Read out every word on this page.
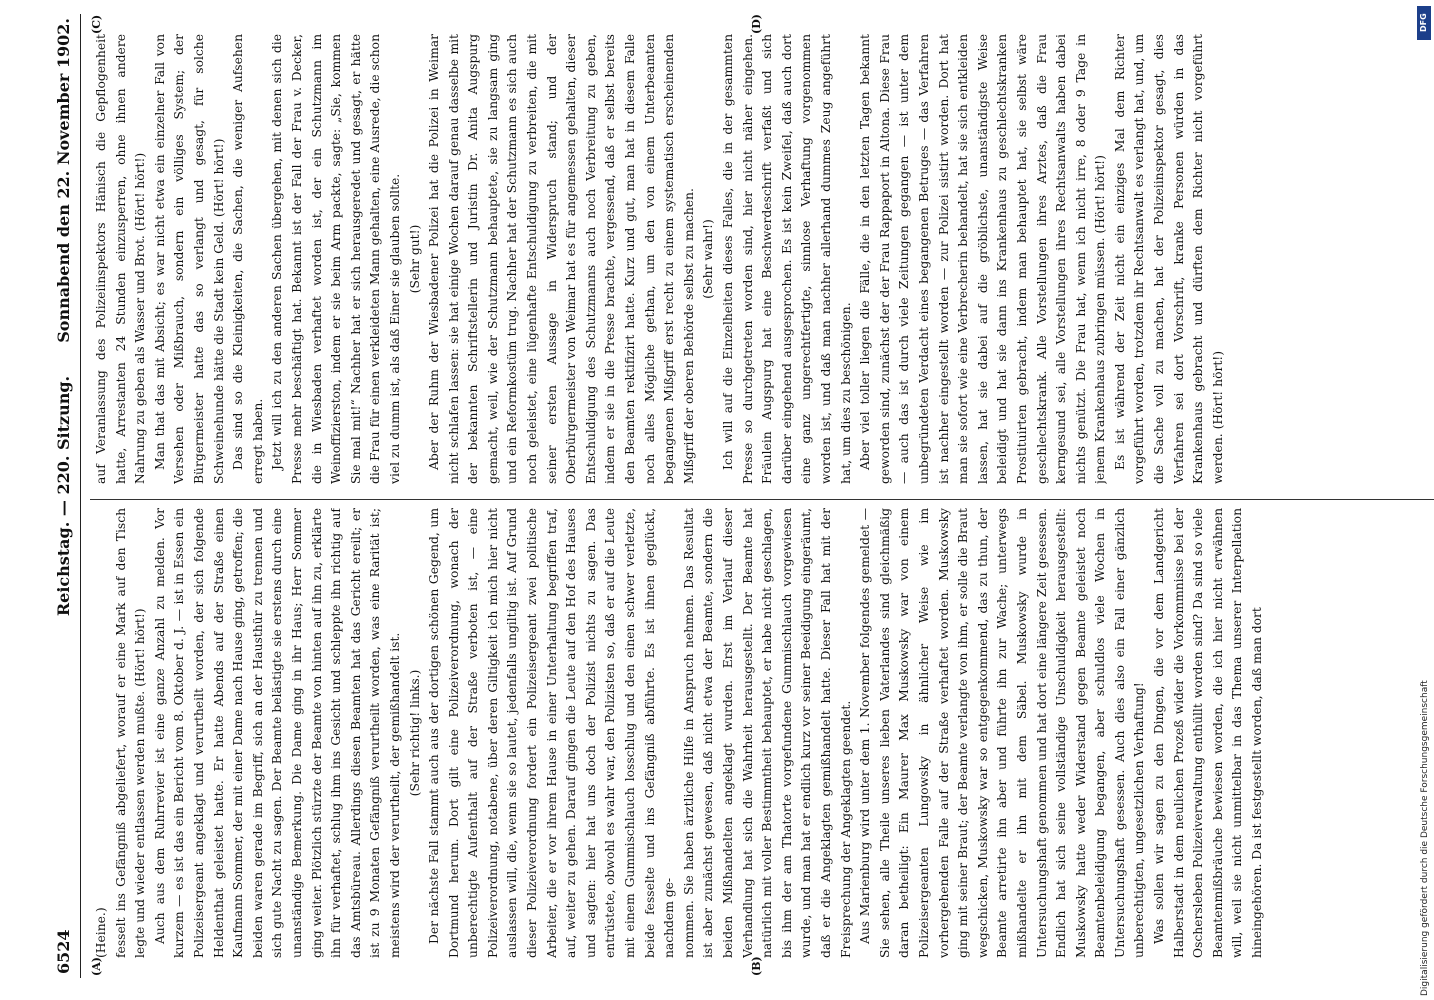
6524
Reichstag. — 220. Sitzung.
Sonnabend den 22. November 1902.
(A)	(B)
(C)	(D)

(Heine.) fesselt ins Gefängniß abgeliefert, worauf er eine Mark auf den Tisch legte und wieder entlassen werden mußte. (Hört! hört!) Auch aus dem Ruhrrevier ist eine ganze Anzahl zu melden. Vor kurzem — es ist das ein Bericht vom 8. Oktober d. J. — ist in Essen ein Polizeisergeant angeklagt und verurtheilt worden, der sich folgende Heldenthat geleistet hatte. Er hatte Abends auf der Straße einen Kaufmann Sommer, der mit einer Dame nach Hause ging, getroffen; die beiden waren gerade im Begriff, sich an der Hausthür zu trennen und sich gute Nacht zu sagen. Der Beamte belästigte sie erstens durch eine unanständige Bemerkung. Die Dame ging in ihr Haus; Herr Sommer ging weiter. Plötzlich stürzte der Beamte von hinten auf ihn zu, erklärte ihn für verhaftet, schlug ihm ins Gesicht und schleppte ihn richtig auf das Amtsbüreau. Allerdings diesen Beamten hat das Gericht ereilt; er ist zu 9 Monaten Gefängniß verurtheilt worden, was eine Rarität ist; meistens wird der verurtheilt, der gemißhandelt ist. (Sehr richtig! links.) Der nächste Fall stammt auch aus der dortigen schönen Gegend, um Dortmund herum. Dort gilt eine Polizeiverordnung, wonach der unberechtigte Aufenthalt auf der Straße verboten ist, — eine Polizeiverordnung, notabene, über deren Giltigkeit ich mich hier nicht auslassen will, die, wenn sie so lautet, jedenfalls ungiltig ist. Auf Grund dieser Polizeiverordnung fordert ein Polizeisergeant zwei politische Arbeiter, die er vor ihrem Hause in einer Unterhaltung begriffen traf, auf, weiter zu gehen. Darauf gingen die Leute auf den Hof des Hauses und sagten: hier hat uns doch der Polizist nichts zu sagen. Das entrüstete, obwohl es wahr war, den Polizisten so, daß er auf die Leute mit einem Gummischlauch losschlug und den einen schwer verletzte, beide fesselte und ins Gefängniß abführte. Es ist ihnen geglückt, nachdem ge- nommen. Sie haben ärztliche Hilfe in Anspruch nehmen. Das Resultat ist aber zunächst gewesen, daß nicht etwa der Beamte, sondern die beiden Mißhandelten angeklagt wurden. Erst im Verlauf dieser Verhandlung hat sich die Wahrheit herausgestellt. Der Beamte hat natürlich mit voller Bestimmtheit behauptet, er habe nicht geschlagen, bis ihm der am Thatorte vorgefundene Gummischlauch vorgewiesen wurde, und man hat er endlich kurz vor seiner Beeidigung eingeräumt, daß er die Angeklagten gemißhandelt hatte. Dieser Fall hat mit der Freisprechung der Angeklagten geendet. Aus Marienburg wird unter dem 1. November folgendes gemeldet — Sie sehen, alle Theile unseres lieben Vaterlandes sind gleichmäßig daran betheiligt: Ein Maurer Max Muskowsky war von einem Polizeisergeanten Lungowsky in ähnlicher Weise wie im vorhergehenden Falle auf der Straße verhaftet worden. Muskowsky ging mit seiner Braut; der Beamte verlangte von ihm, er solle die Braut wegschicken, Muskowsky war so entgegenkommend, das zu thun, der Beamte arretirte ihn aber und führte ihn zur Wache; unterwegs mißhandelte er ihn mit dem Säbel. Muskowsky wurde in Untersuchungshaft genommen und hat dort eine längere Zeit gesessen. Endlich hat sich seine vollständige Unschuldigkeit herausgestellt: Muskowsky hatte weder Widerstand gegen Beamte geleistet noch Beamtenbeleidigung begangen, aber schuldlos viele Wochen in Untersuchungshaft gesessen. Auch dies also ein Fall einer gänzlich unberechtigten, ungesetzlichen Verhaftung! Was sollen wir sagen zu den Dingen, die vor dem Landgericht Halberstadt in dem neulichen Prozeß wider die Vorkommnisse bei der Oschersleben Polizeiverwaltung enthüllt worden sind? Da sind so viele Beamtenmißbräuche bewiesen worden, die ich hier nicht erwähnen will, weil sie nicht unmittelbar in das Thema unserer Interpellation hineingehören. Da ist festgestellt worden, daß man dort

auf Veranlassung des Polizeiinspektors Hänisch die Gepflogenheit hatte, Arrestanten 24 Stunden einzusperren, ohne ihnen andere Nahrung zu geben als Wasser und Brot. (Hört! hört!) Man that das mit Absicht; es war nicht etwa ein einzelner Fall von Versehen oder Mißbrauch, sondern ein völliges System; der Bürgermeister hatte das so verlangt und gesagt, für solche Schweinehunde hätte die Stadt kein Geld. (Hört! hört!) Das sind so die Kleinigkeiten, die Sachen, die weniger Aufsehen erregt haben. Jetzt will ich zu den anderen Sachen übergehen, mit denen sich die Presse mehr beschäftigt hat. Bekannt ist der Fall der Frau v. Decker, die in Wiesbaden verhaftet worden ist, der ein Schutzmann im Weinoffizierston, indem er sie beim Arm packte, sagte: „Sie, kommen Sie mal mit!“ Nachher hat er sich herausgeredet und gesagt, er hätte die Frau für einen verkleideten Mann gehalten, eine Ausrede, die schon viel zu dumm ist, als daß Einer sie glauben sollte. (Sehr gut!) Aber der Ruhm der Wiesbadener Polizei hat die Polizei in Weimar nicht schlafen lassen: sie hat einige Wochen darauf genau dasselbe mit der bekannten Schriftstellerin und Juristin Dr. Anita Augspurg gemacht, weil, wie der Schutzmann behauptete, sie zu langsam ging und ein Reformkostüm trug. Nachher hat der Schutzmann es sich auch noch geleistet, eine lügenhafte Entschuldigung zu verbreiten, die mit seiner ersten Aussage in Widerspruch stand; und der Oberbürgermeister von Weimar hat es für angemessen gehalten, dieser Entschuldigung des Schutzmanns auch noch Verbreitung zu geben, indem er sie in die Presse brachte, vergessend, daß er selbst bereits den Beamten rektifizirt hatte. Kurz und gut, man hat in diesem Falle noch alles Mögliche gethan, um den von einem Unterbeamten begangenen Mißgriff erst recht zu einem systematisch erscheinenden Mißgriff der oberen Behörde selbst zu machen. (Sehr wahr!) Ich will auf die Einzelheiten dieses Falles, die in der gesammten Presse so durchgetreten worden sind, hier nicht näher eingehen. Fräulein Augspurg hat eine Beschwerdeschrift verfaßt und sich darüber eingehend ausgesprochen. Es ist kein Zweifel, daß auch dort eine ganz ungerechtfertigte, sinnlose Verhaftung vorgenommen worden ist, und daß man nachher allerhand dummes Zeug angeführt hat, um dies zu beschönigen. Aber viel toller liegen die Fälle, die in den letzten Tagen bekannt geworden sind, zunächst der der Frau Rappaport in Altona. Diese Frau — auch das ist durch viele Zeitungen gegangen — ist unter dem unbegründeten Verdacht eines begangenen Betruges — das Verfahren ist nachher eingestellt worden — zur Polizei sistirt worden. Dort hat man sie sofort wie eine Verbrecherin behandelt, hat sie sich entkleiden lassen, hat sie dabei auf die gröblichste, unanständigste Weise beleidigt und hat sie dann ins Krankenhaus zu geschlechtskranken Prostituirten gebracht, indem man behauptet hat, sie selbst wäre geschlechtskrank. Alle Vorstellungen ihres Arztes, daß die Frau kerngesund sei, alle Vorstellungen ihres Rechtsanwalts haben dabei nichts genützt. Die Frau hat, wenn ich nicht irre, 8 oder 9 Tage in jenem Krankenhaus zubringen müssen. (Hört! hört!) Es ist während der Zeit nicht ein einziges Mal dem Richter vorgeführt worden, trotzdem ihr Rechtsanwalt es verlangt hat, und, um die Sache voll zu machen, hat der Polizeiinspektor gesagt, dies Verfahren sei dort Vorschrift, kranke Personen würden in das Krankenhaus gebracht und dürften dem Richter nicht vorgeführt werden. (Hört! hört!)

DFG
Digitalisierung gefördert durch die Deutsche Forschungsgemeinschaft
